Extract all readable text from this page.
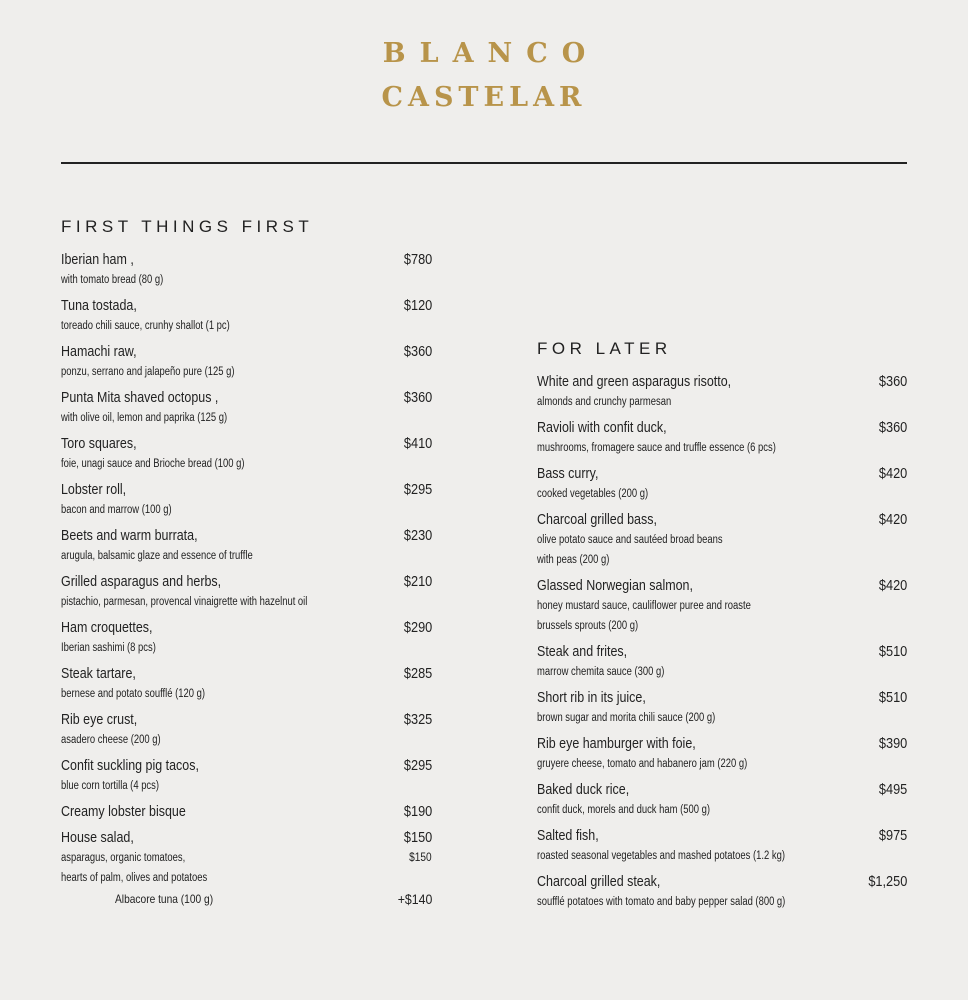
BLANCO
CASTELAR
FIRST THINGS FIRST
Iberian ham ,	$780
with tomato bread (80 g)
Tuna tostada,	$120
toreado chili sauce, crunhy shallot (1 pc)
Hamachi raw,	$360
ponzu, serrano and jalapeño pure (125 g)
Punta Mita shaved octopus ,	$360
with olive oil, lemon and paprika (125 g)
Toro squares,	$410
foie, unagi sauce and Brioche bread (100 g)
Lobster roll,	$295
bacon and marrow (100 g)
Beets and warm burrata,	$230
arugula, balsamic glaze and essence of truffle
Grilled asparagus and herbs,	$210
pistachio, parmesan, provencal vinaigrette with hazelnut oil
Ham croquettes,	$290
Iberian sashimi (8 pcs)
Steak tartare,	$285
bernese and potato soufflé (120 g)
Rib eye crust,	$325
asadero cheese (200 g)
Confit suckling pig tacos,	$295
blue corn tortilla (4 pcs)
Creamy lobster bisque	$190
House salad,	$150
asparagus, organic tomatoes,	$150
hearts of palm, olives and potatoes
Albacore tuna (100 g)	+$140
FOR LATER
White and green asparagus risotto,	$360
almonds and crunchy parmesan
Ravioli with confit duck,	$360
mushrooms, fromagere sauce and truffle essence (6 pcs)
Bass curry,	$420
cooked vegetables (200 g)
Charcoal grilled bass,	$420
olive potato sauce and sautéed broad beans
with peas (200 g)
Glassed Norwegian salmon,	$420
honey mustard sauce, cauliflower puree and roaste
brussels sprouts (200 g)
Steak and frites,	$510
marrow chemita sauce (300 g)
Short rib in its juice,	$510
brown sugar and morita chili sauce (200 g)
Rib eye hamburger with foie,	$390
gruyere cheese, tomato and habanero jam (220 g)
Baked duck rice,	$495
confit duck, morels and duck ham (500 g)
Salted fish,	$975
roasted seasonal vegetables and mashed potatoes (1.2 kg)
Charcoal grilled steak,	$1,250
soufflé potatoes with tomato and baby pepper salad (800 g)
